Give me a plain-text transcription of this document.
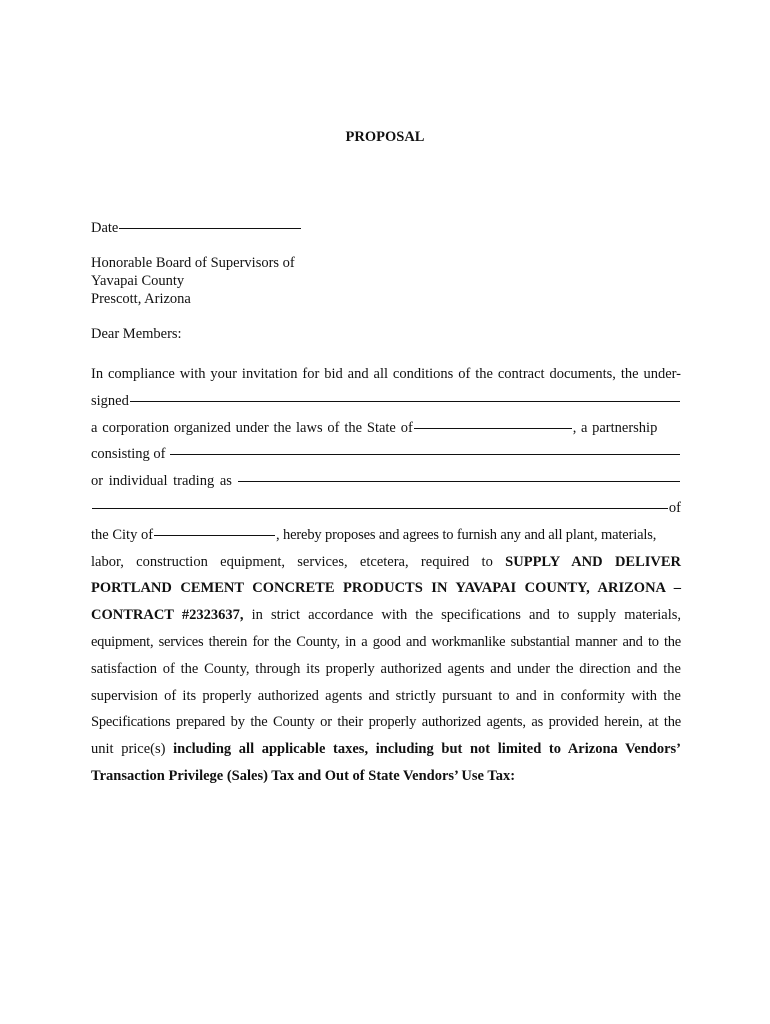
PROPOSAL
Date
Honorable Board of Supervisors of
Yavapai County
Prescott, Arizona
Dear Members:
In compliance with your invitation for bid and all conditions of the contract documents, the under-
signed
a corporation organized under the laws of the State of	, a partnership
consisting of
or individual trading as
of
the City of	, hereby proposes and agrees to furnish any and all plant, materials,
labor, construction equipment, services, etcetera, required to SUPPLY AND DELIVER
PORTLAND CEMENT CONCRETE PRODUCTS IN YAVAPAI COUNTY, ARIZONA –
CONTRACT #2323637, in strict accordance with the specifications and to supply materials,
equipment, services therein for the County, in a good and workmanlike substantial manner and to the
satisfaction of the County, through its properly authorized agents and under the direction and the
supervision of its properly authorized agents and strictly pursuant to and in conformity with the
Specifications prepared by the County or their properly authorized agents, as provided herein, at the
unit price(s) including all applicable taxes, including but not limited to Arizona Vendors’
Transaction Privilege (Sales) Tax and Out of State Vendors’ Use Tax:
